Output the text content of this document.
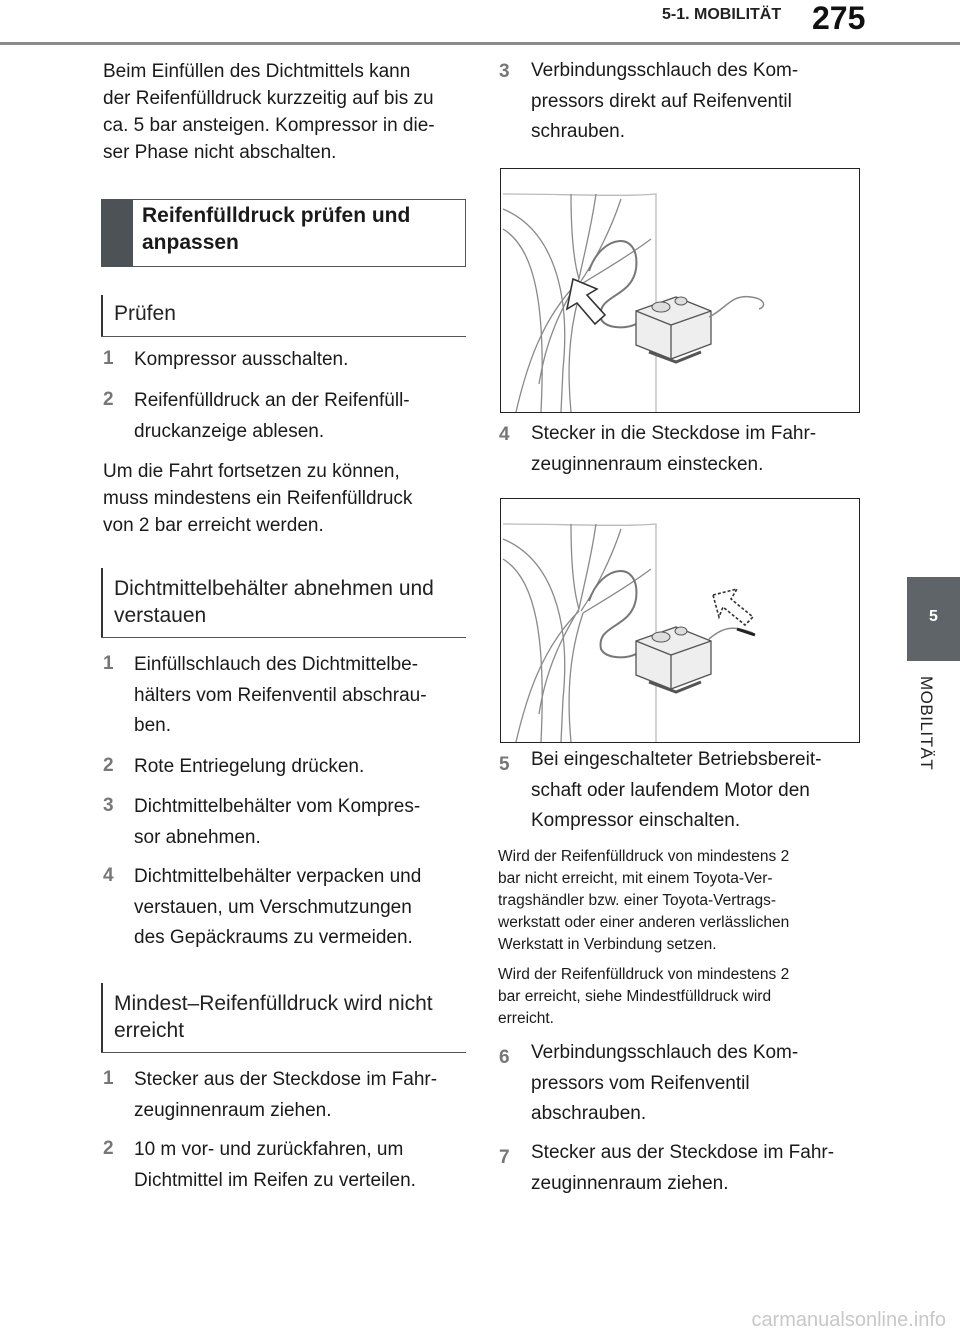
5-1. MOBILITÄT 275
5
MOBILITÄT
Beim Einfüllen des Dichtmittels kann
der Reifenfülldruck kurzzeitig auf bis zu
ca. 5 bar ansteigen. Kompressor in die-
ser Phase nicht abschalten.
Reifenfülldruck prüfen und
anpassen
Prüfen
1 Kompressor ausschalten.
2 Reifenfülldruck an der Reifenfüll-
druckanzeige ablesen.
Um die Fahrt fortsetzen zu können,
muss mindestens ein Reifenfülldruck
von 2 bar erreicht werden.
Dichtmittelbehälter abnehmen und
verstauen
1 Einfüllschlauch des Dichtmittelbe-
hälters vom Reifenventil abschrau-
ben.
2 Rote Entriegelung drücken.
3 Dichtmittelbehälter vom Kompres-
sor abnehmen.
4 Dichtmittelbehälter verpacken und
verstauen, um Verschmutzungen
des Gepäckraums zu vermeiden.
Mindest–Reifenfülldruck wird nicht
erreicht
1 Stecker aus der Steckdose im Fahr-
zeuginnenraum ziehen.
2 10 m vor- und zurückfahren, um
Dichtmittel im Reifen zu verteilen.
3 Verbindungsschlauch des Kom-
pressors direkt auf Reifenventil
schrauben.
4 Stecker in die Steckdose im Fahr-
zeuginnenraum einstecken.
5 Bei eingeschalteter Betriebsbereit-
schaft oder laufendem Motor den
Kompressor einschalten.
Wird der Reifenfülldruck von mindestens 2
bar nicht erreicht, mit einem Toyota-Ver-
tragshändler bzw. einer Toyota-Vertrags-
werkstatt oder einer anderen verlässlichen
Werkstatt in Verbindung setzen.
Wird der Reifenfülldruck von mindestens 2
bar erreicht, siehe Mindestfülldruck wird
erreicht.
6 Verbindungsschlauch des Kom-
pressors vom Reifenventil
abschrauben.
7 Stecker aus der Steckdose im Fahr-
zeuginnenraum ziehen.
carmanualsonline.info
